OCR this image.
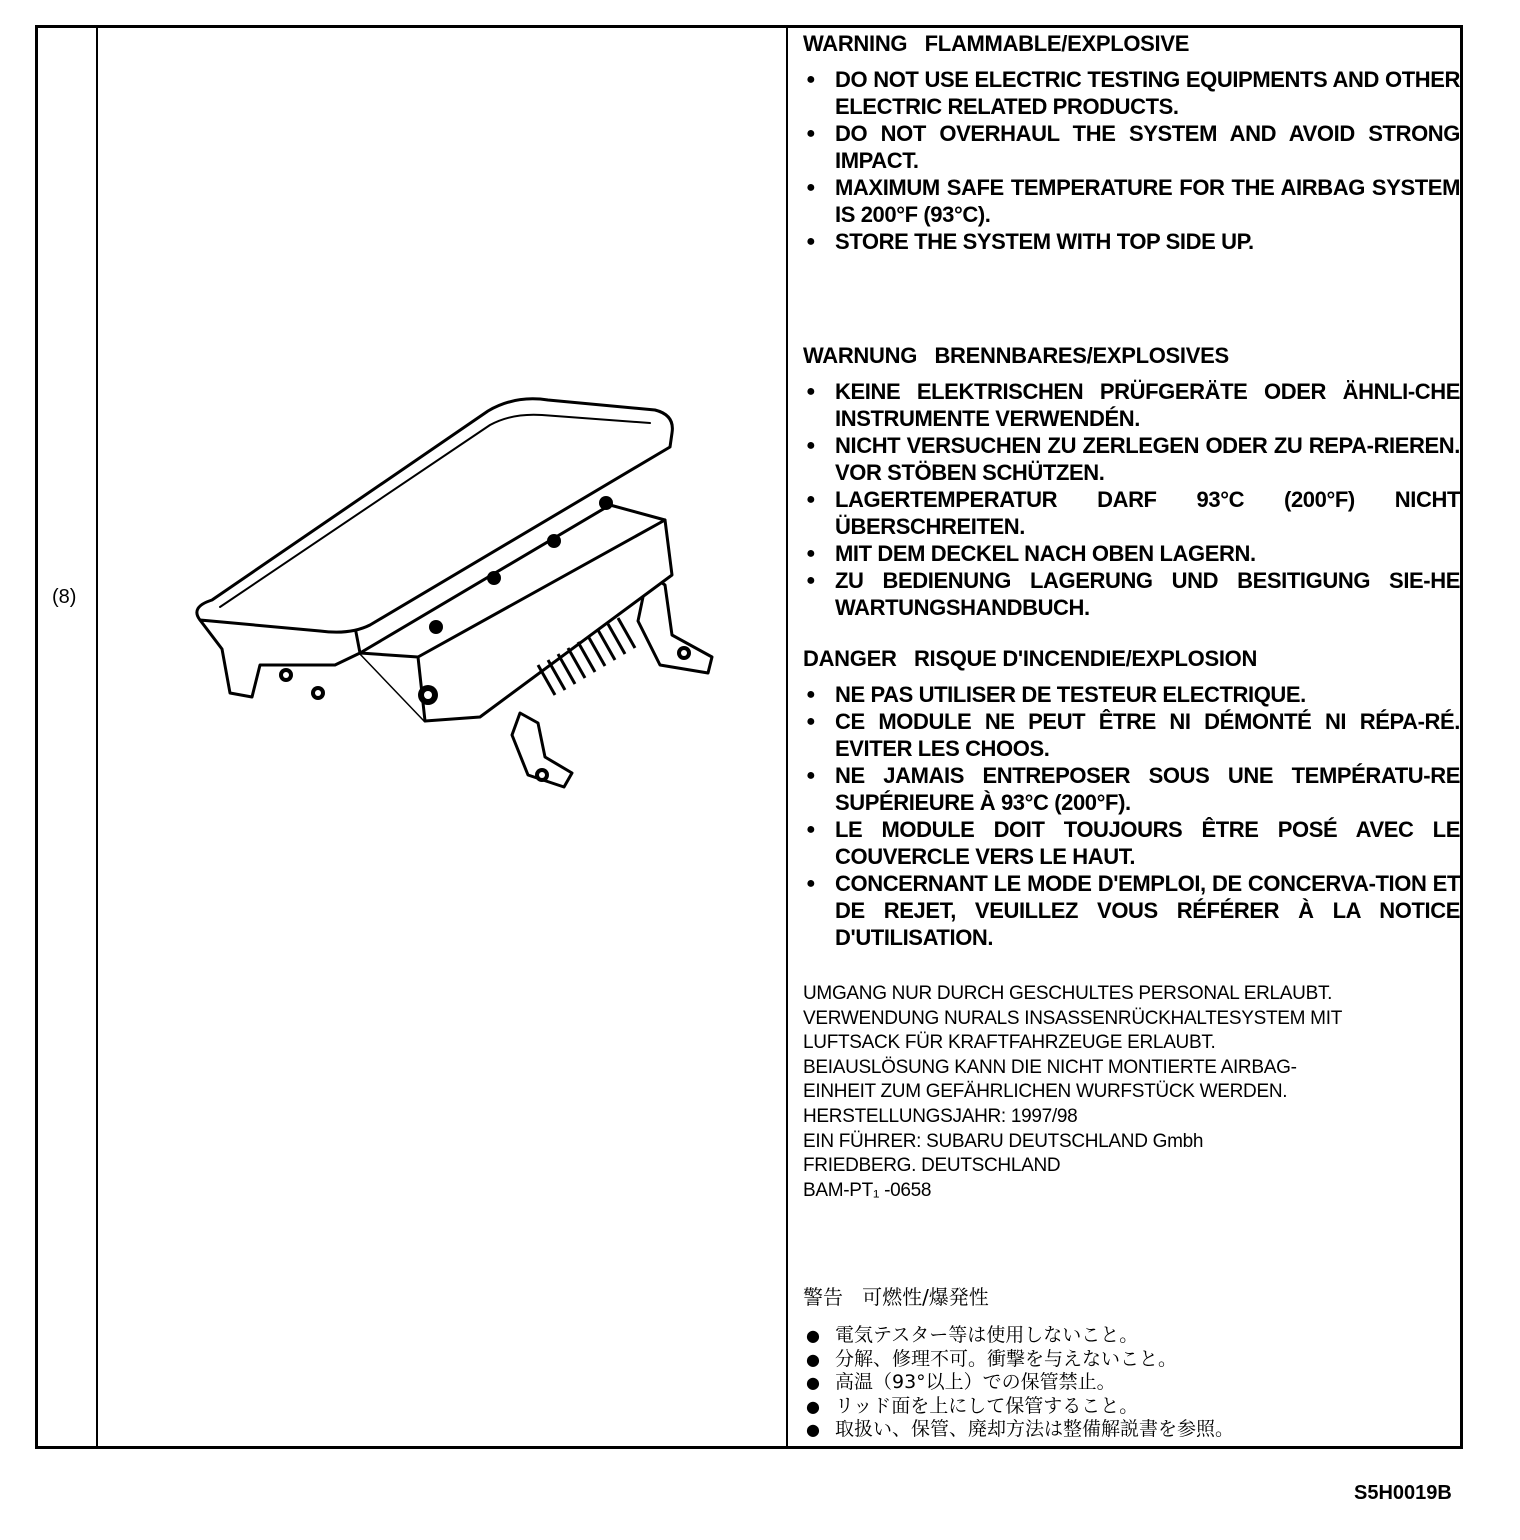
(8)
WARNING   FLAMMABLE/EXPLOSIVE
● DO NOT USE ELECTRIC TESTING EQUIPMENTS AND OTHER ELECTRIC RELATED PRODUCTS.
● DO NOT OVERHAUL THE SYSTEM AND AVOID STRONG IMPACT.
● MAXIMUM SAFE TEMPERATURE FOR THE AIRBAG SYSTEM IS 200°F (93°C).
● STORE THE SYSTEM WITH TOP SIDE UP.
WARNUNG   BRENNBARES/EXPLOSIVES
● KEINE ELEKTRISCHEN PRÜFGERÄTE ODER ÄHNLI-CHE INSTRUMENTE VERWENDÉN.
● NICHT VERSUCHEN ZU ZERLEGEN ODER ZU REPA-RIEREN. VOR STÖBEN SCHÜTZEN.
● LAGERTEMPERATUR DARF 93°C (200°F) NICHT ÜBERSCHREITEN.
● MIT DEM DECKEL NACH OBEN LAGERN.
● ZU BEDIENUNG LAGERUNG UND BESITIGUNG SIE-HE WARTUNGSHANDBUCH.
DANGER   RISQUE D'INCENDIE/EXPLOSION
● NE PAS UTILISER DE TESTEUR ELECTRIQUE.
● CE MODULE NE PEUT ÊTRE NI DÉMONTÉ NI RÉPA-RÉ. EVITER LES CHOOS.
● NE JAMAIS ENTREPOSER SOUS UNE TEMPÉRATU-RE SUPÉRIEURE À 93°C (200°F).
● LE MODULE DOIT TOUJOURS ÊTRE POSÉ AVEC LE COUVERCLE VERS LE HAUT.
● CONCERNANT LE MODE D'EMPLOI, DE CONCERVA-TION ET DE REJET, VEUILLEZ VOUS RÉFÉRER À LA NOTICE D'UTILISATION.
UMGANG NUR DURCH GESCHULTES PERSONAL ERLAUBT.
VERWENDUNG NURALS INSASSENRÜCKHALTESYSTEM MIT
LUFTSACK FÜR KRAFTFAHRZEUGE ERLAUBT.
BEIAUSLÖSUNG KANN DIE NICHT MONTIERTE AIRBAG-
EINHEIT ZUM GEFÄHRLICHEN WURFSTÜCK WERDEN.
HERSTELLUNGSJAHR: 1997/98
EIN FÜHRER: SUBARU DEUTSCHLAND Gmbh
FRIEDBERG. DEUTSCHLAND
BAM-PT₁ -0658
警告   可燃性/爆発性
● 電気テスター等は使用しないこと。
● 分解、修理不可。衝撃を与えないこと。
● 高温（93°以上）での保管禁止。
● リッド面を上にして保管すること。
● 取扱い、保管、廃却方法は整備解説書を参照。
S5H0019B
